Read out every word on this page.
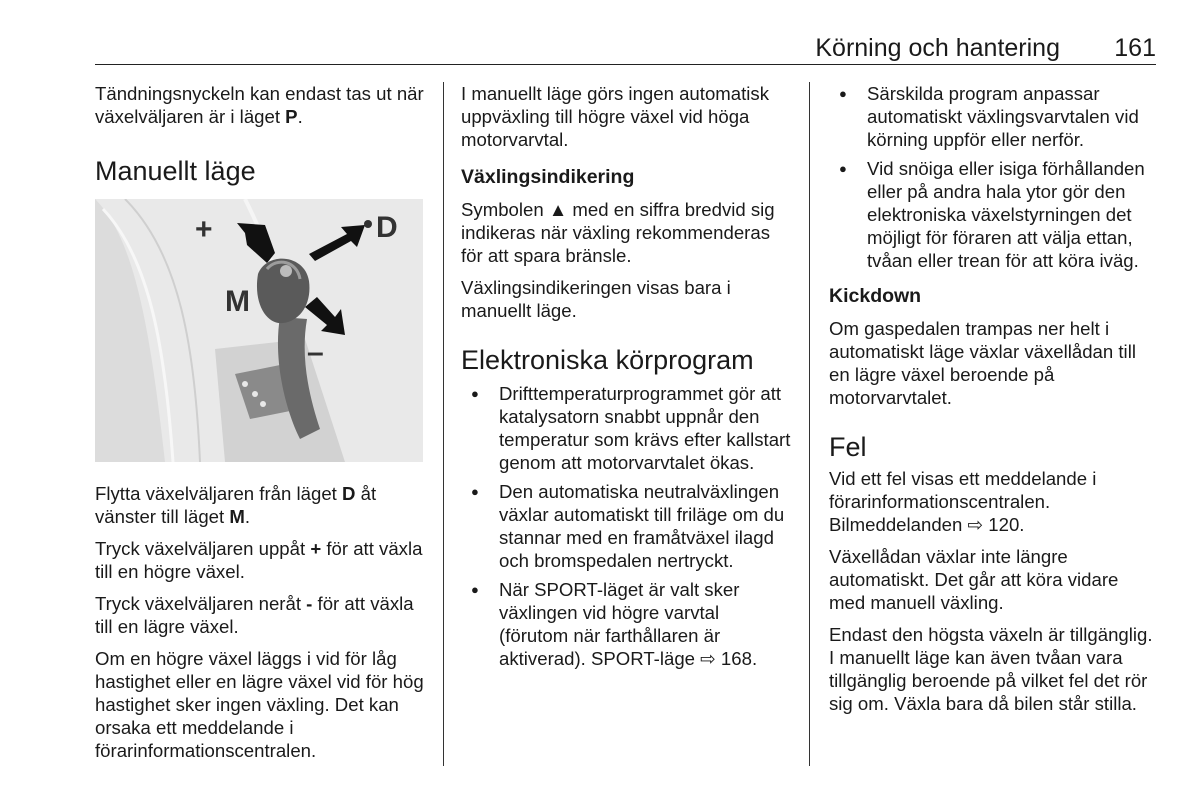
Körning och hantering 161

Tändningsnyckeln kan endast tas ut när växelväljaren är i läget P.

Manuellt läge
+	D
M
–

Flytta växelväljaren från läget D åt vänster till läget M.

Tryck växelväljaren uppåt + för att växla till en högre växel.

Tryck växelväljaren neråt - för att växla till en lägre växel.

Om en högre växel läggs i vid för låg hastighet eller en lägre växel vid för hög hastighet sker ingen växling. Det kan orsaka ett meddelande i förarinformationscentralen.

I manuellt läge görs ingen automatisk uppväxling till högre växel vid höga motorvarvtal.

Växlingsindikering

Symbolen ▲ med en siffra bredvid sig indikeras när växling rekommenderas för att spara bränsle.

Växlingsindikeringen visas bara i manuellt läge.

Elektroniska körprogram
● Drifttemperaturprogrammet gör att katalysatorn snabbt uppnår den temperatur som krävs efter kallstart genom att motorvarvtalet ökas.
● Den automatiska neutralväxlingen växlar automatiskt till friläge om du stannar med en framåtväxel ilagd och bromspedalen nertryckt.
● När SPORT-läget är valt sker växlingen vid högre varvtal (förutom när farthållaren är aktiverad). SPORT-läge ⇨ 168.
● Särskilda program anpassar automatiskt växlingsvarvtalen vid körning uppför eller nerför.
● Vid snöiga eller isiga förhållanden eller på andra hala ytor gör den elektroniska växelstyrningen det möjligt för föraren att välja ettan, tvåan eller trean för att köra iväg.
Kickdown

Om gaspedalen trampas ner helt i automatiskt läge växlar växellådan till en lägre växel beroende på motorvarvtalet.

Fel

Vid ett fel visas ett meddelande i förarinformationscentralen. Bilmeddelanden ⇨ 120.

Växellådan växlar inte längre automatiskt. Det går att köra vidare med manuell växling.

Endast den högsta växeln är tillgänglig. I manuellt läge kan även tvåan vara tillgänglig beroende på vilket fel det rör sig om. Växla bara då bilen står stilla.
